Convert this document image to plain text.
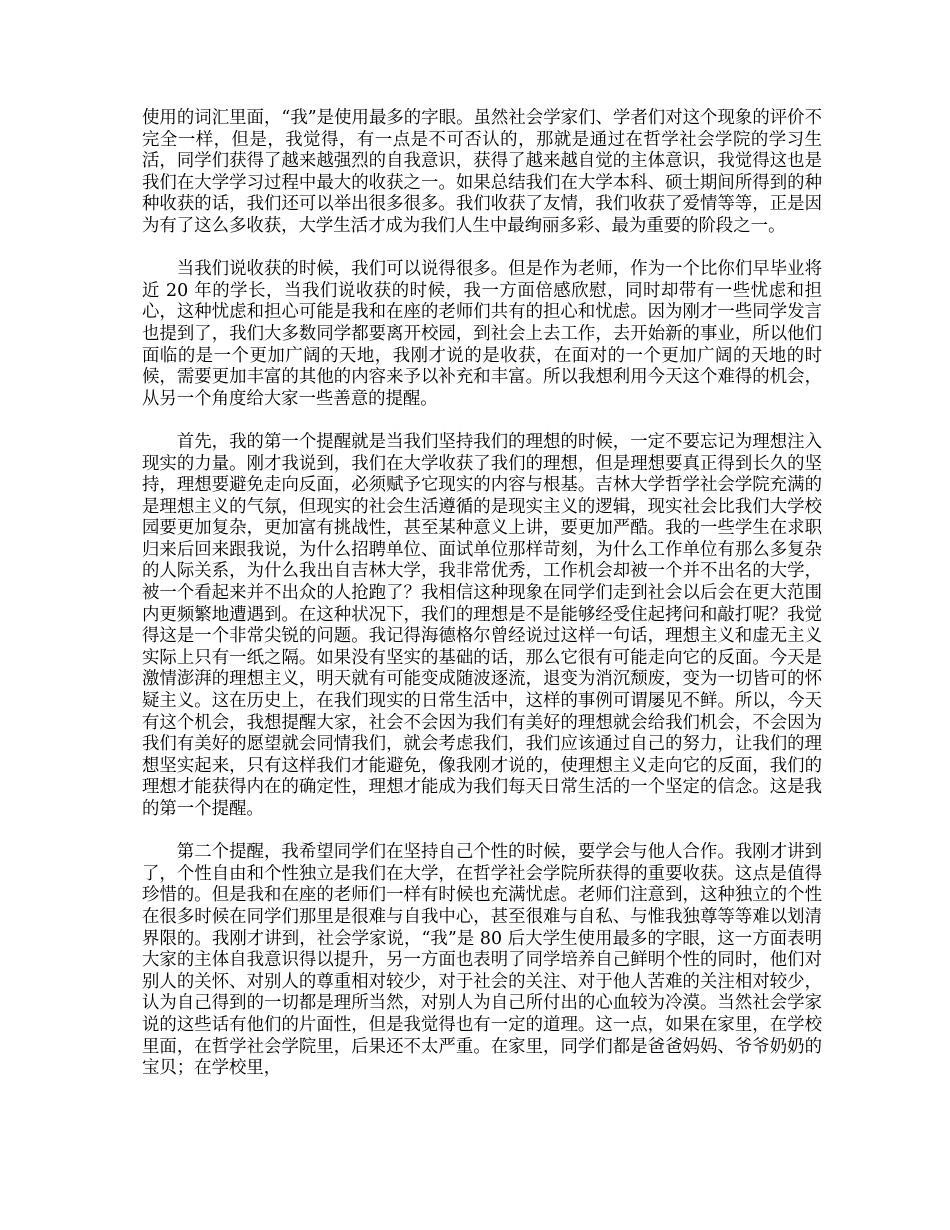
使用的词汇里面，“我”是使用最多的字眼。虽然社会学家们、学者们对这个现象的评价不完全一样，但是，我觉得，有一点是不可否认的，那就是通过在哲学社会学院的学习生活，同学们获得了越来越强烈的自我意识，获得了越来越自觉的主体意识，我觉得这也是我们在大学学习过程中最大的收获之一。如果总结我们在大学本科、硕士期间所得到的种种收获的话，我们还可以举出很多很多。我们收获了友情，我们收获了爱情等等，正是因为有了这么多收获，大学生活才成为我们人生中最绚丽多彩、最为重要的阶段之一。

当我们说收获的时候，我们可以说得很多。但是作为老师，作为一个比你们早毕业将近 20 年的学长，当我们说收获的时候，我一方面倍感欣慰，同时却带有一些忧虑和担心，这种忧虑和担心可能是我和在座的老师们共有的担心和忧虑。因为刚才一些同学发言也提到了，我们大多数同学都要离开校园，到社会上去工作，去开始新的事业，所以他们面临的是一个更加广阔的天地，我刚才说的是收获，在面对的一个更加广阔的天地的时候，需要更加丰富的其他的内容来予以补充和丰富。所以我想利用今天这个难得的机会，从另一个角度给大家一些善意的提醒。

首先，我的第一个提醒就是当我们坚持我们的理想的时候，一定不要忘记为理想注入现实的力量。刚才我说到，我们在大学收获了我们的理想，但是理想要真正得到长久的坚持，理想要避免走向反面，必须赋予它现实的内容与根基。吉林大学哲学社会学院充满的是理想主义的气氛，但现实的社会生活遵循的是现实主义的逻辑，现实社会比我们大学校园要更加复杂，更加富有挑战性，甚至某种意义上讲，要更加严酷。我的一些学生在求职归来后回来跟我说，为什么招聘单位、面试单位那样苛刻，为什么工作单位有那么多复杂的人际关系，为什么我出自吉林大学，我非常优秀，工作机会却被一个并不出名的大学，被一个看起来并不出众的人抢跑了？我相信这种现象在同学们走到社会以后会在更大范围内更频繁地遭遇到。在这种状况下，我们的理想是不是能够经受住起拷问和敲打呢？我觉得这是一个非常尖锐的问题。我记得海德格尔曾经说过这样一句话，理想主义和虚无主义实际上只有一纸之隔。如果没有坚实的基础的话，那么它很有可能走向它的反面。今天是激情澎湃的理想主义，明天就有可能变成随波逐流，退变为消沉颓废，变为一切皆可的怀疑主义。这在历史上，在我们现实的日常生活中，这样的事例可谓屡见不鲜。所以，今天有这个机会，我想提醒大家，社会不会因为我们有美好的理想就会给我们机会，不会因为我们有美好的愿望就会同情我们，就会考虑我们，我们应该通过自己的努力，让我们的理想坚实起来，只有这样我们才能避免，像我刚才说的，使理想主义走向它的反面，我们的理想才能获得内在的确定性，理想才能成为我们每天日常生活的一个坚定的信念。这是我的第一个提醒。

第二个提醒，我希望同学们在坚持自己个性的时候，要学会与他人合作。我刚才讲到了，个性自由和个性独立是我们在大学，在哲学社会学院所获得的重要收获。这点是值得珍惜的。但是我和在座的老师们一样有时候也充满忧虑。老师们注意到，这种独立的个性在很多时候在同学们那里是很难与自我中心，甚至很难与自私、与惟我独尊等等难以划清界限的。我刚才讲到，社会学家说，“我”是 80 后大学生使用最多的字眼，这一方面表明大家的主体自我意识得以提升，另一方面也表明了同学培养自己鲜明个性的同时，他们对别人的关怀、对别人的尊重相对较少，对于社会的关注、对于他人苦难的关注相对较少，认为自己得到的一切都是理所当然，对别人为自己所付出的心血较为冷漠。当然社会学家说的这些话有他们的片面性，但是我觉得也有一定的道理。这一点，如果在家里，在学校里面，在哲学社会学院里，后果还不太严重。在家里，同学们都是爸爸妈妈、爷爷奶奶的宝贝；在学校里，
